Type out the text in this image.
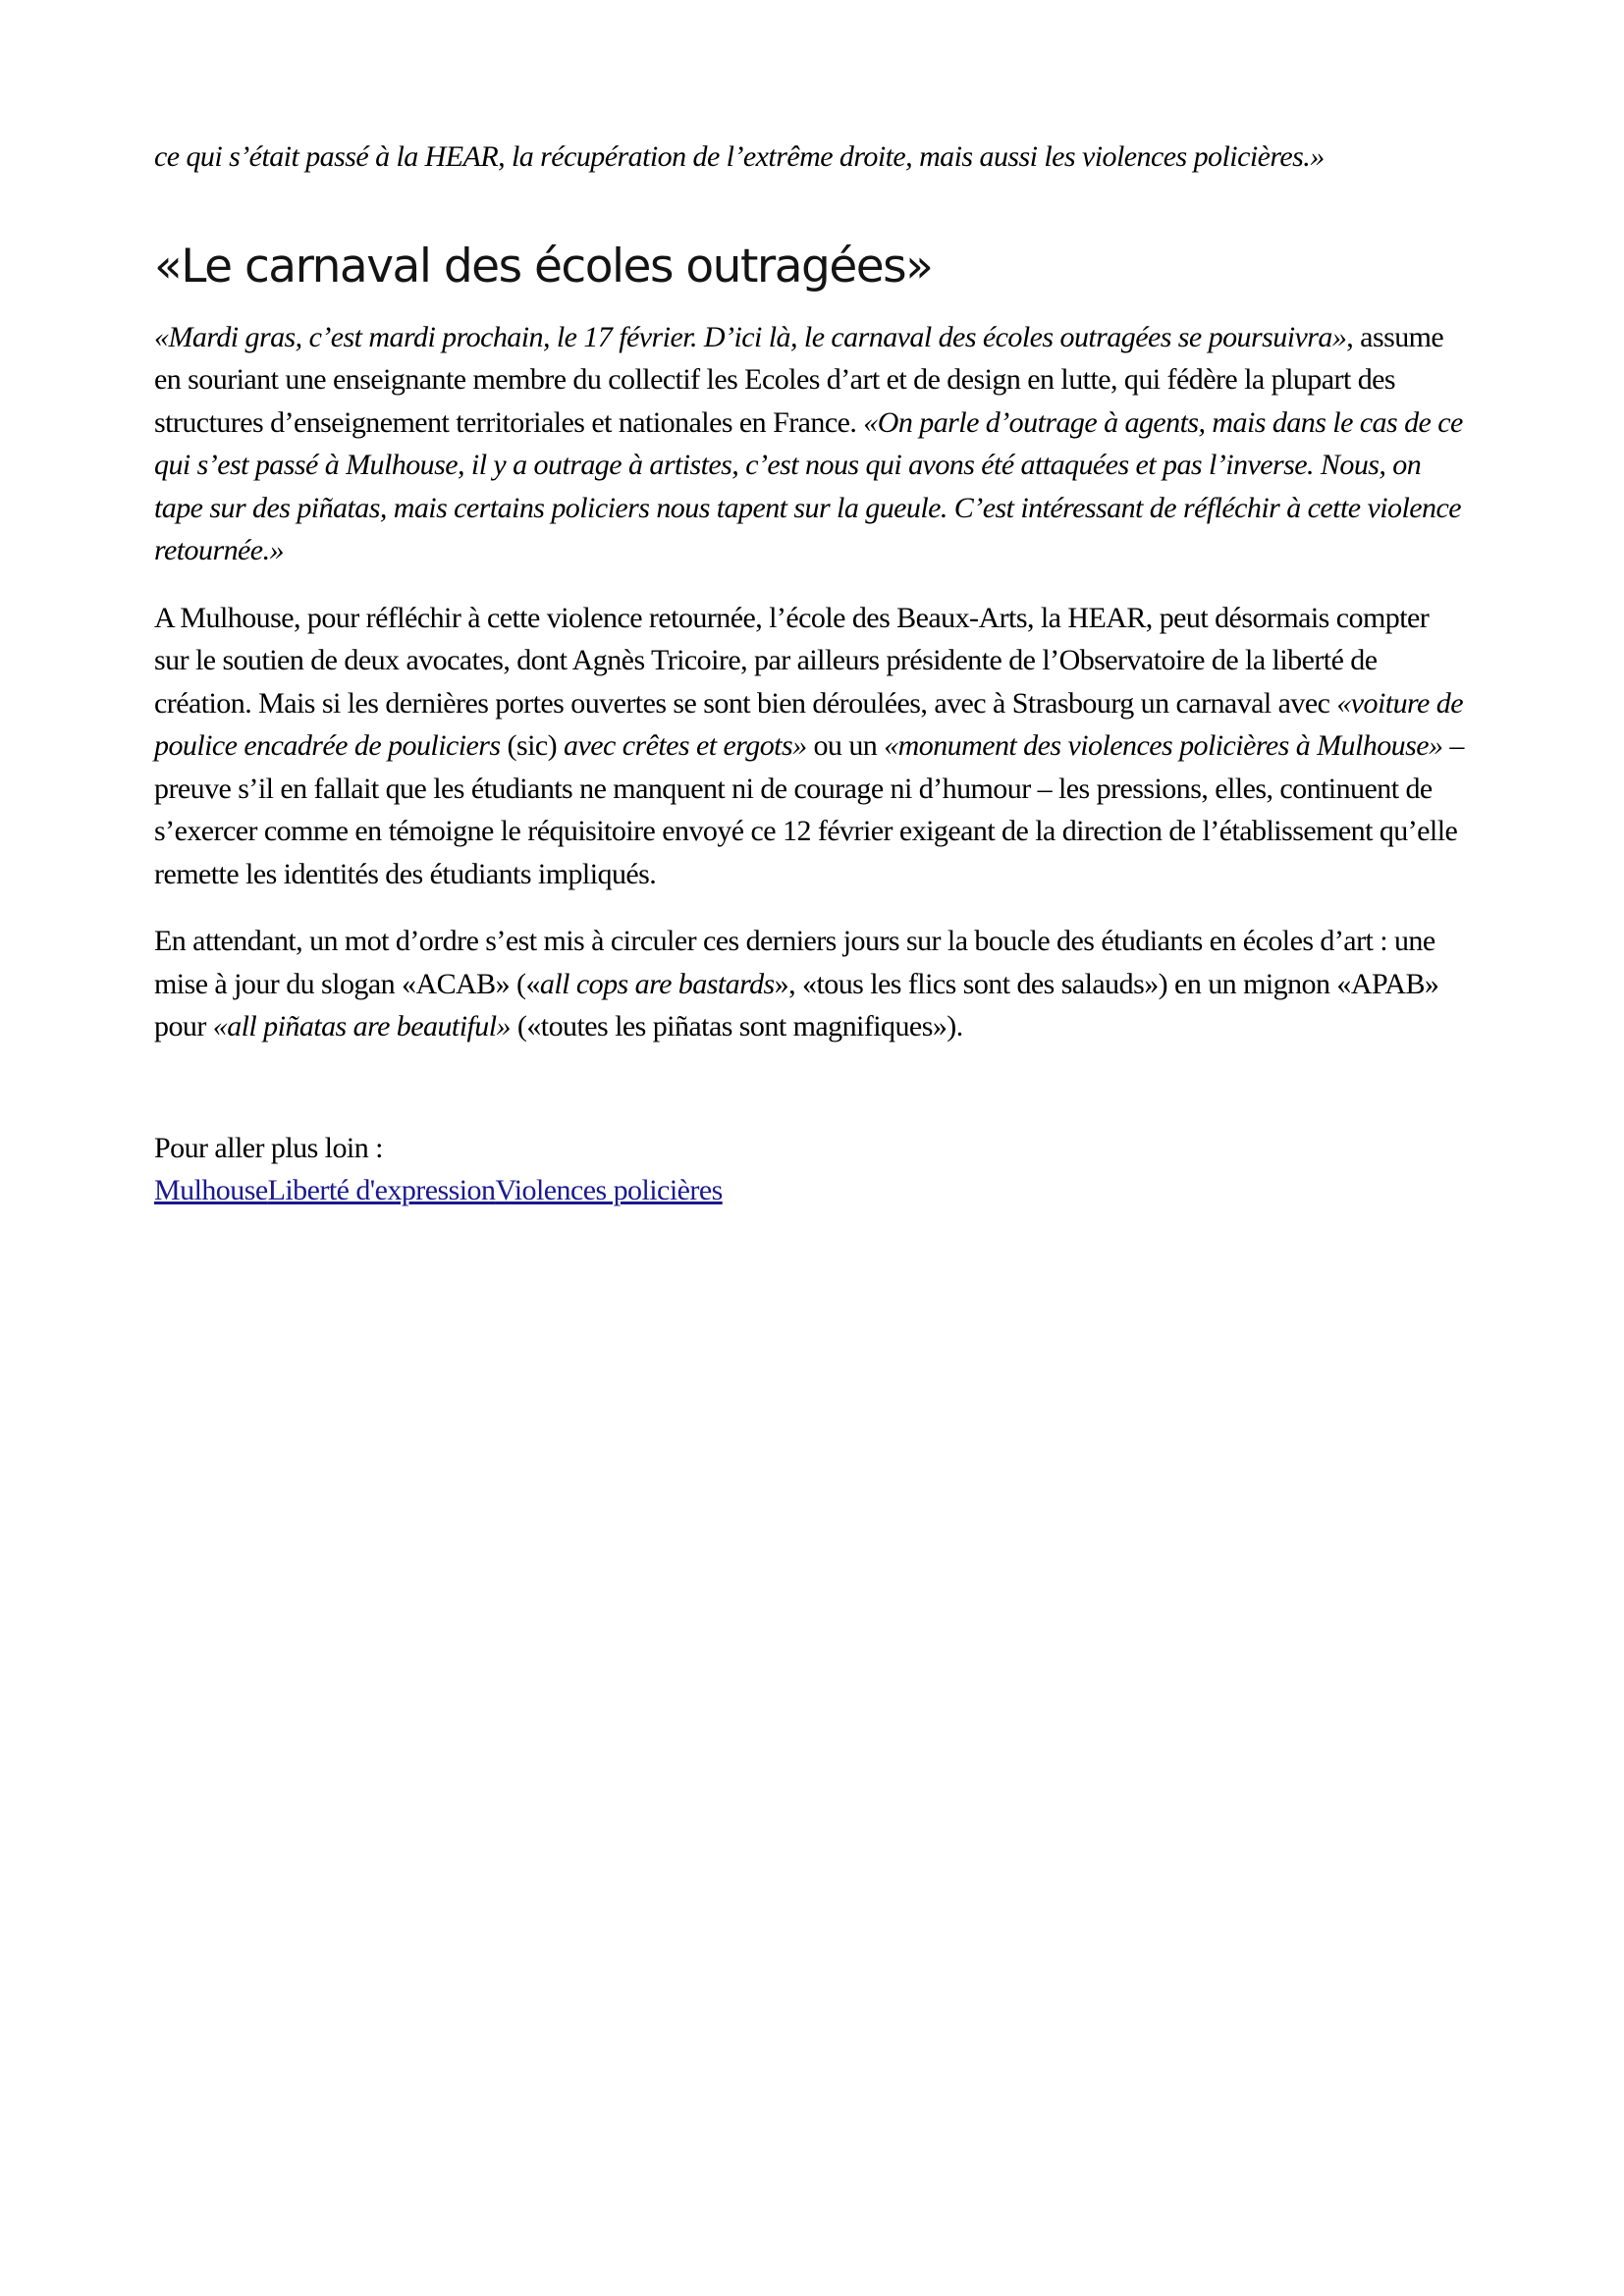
ce qui s’était passé à la HEAR, la récupération de l’extrême droite, mais aussi les violences policières.»

«Le carnaval des écoles outragées»

«Mardi gras, c’est mardi prochain, le 17 février. D’ici là, le carnaval des écoles outragées se poursuivra», assume en souriant une enseignante membre du collectif les Ecoles d’art et de design en lutte, qui fédère la plupart des structures d’enseignement territoriales et nationales en France. «On parle d’outrage à agents, mais dans le cas de ce qui s’est passé à Mulhouse, il y a outrage à artistes, c’est nous qui avons été attaquées et pas l’inverse. Nous, on tape sur des piñatas, mais certains policiers nous tapent sur la gueule. C’est intéressant de réfléchir à cette violence retournée.»

A Mulhouse, pour réfléchir à cette violence retournée, l’école des Beaux-Arts, la HEAR, peut désormais compter sur le soutien de deux avocates, dont Agnès Tricoire, par ailleurs présidente de l’Observatoire de la liberté de création. Mais si les dernières portes ouvertes se sont bien déroulées, avec à Strasbourg un carnaval avec «voiture de poulice encadrée de pouliciers (sic) avec crêtes et ergots» ou un «monument des violences policières à Mulhouse» – preuve s’il en fallait que les étudiants ne manquent ni de courage ni d’humour – les pressions, elles, continuent de s’exercer comme en témoigne le réquisitoire envoyé ce 12 février exigeant de la direction de l’établissement qu’elle remette les identités des étudiants impliqués.

En attendant, un mot d’ordre s’est mis à circuler ces derniers jours sur la boucle des étudiants en écoles d’art : une mise à jour du slogan «ACAB» («all cops are bastards», «tous les flics sont des salauds») en un mignon «APAB» pour «all piñatas are beautiful» («toutes les piñatas sont magnifiques»).

Pour aller plus loin :

MulhouseLiberté d'expressionViolences policières
